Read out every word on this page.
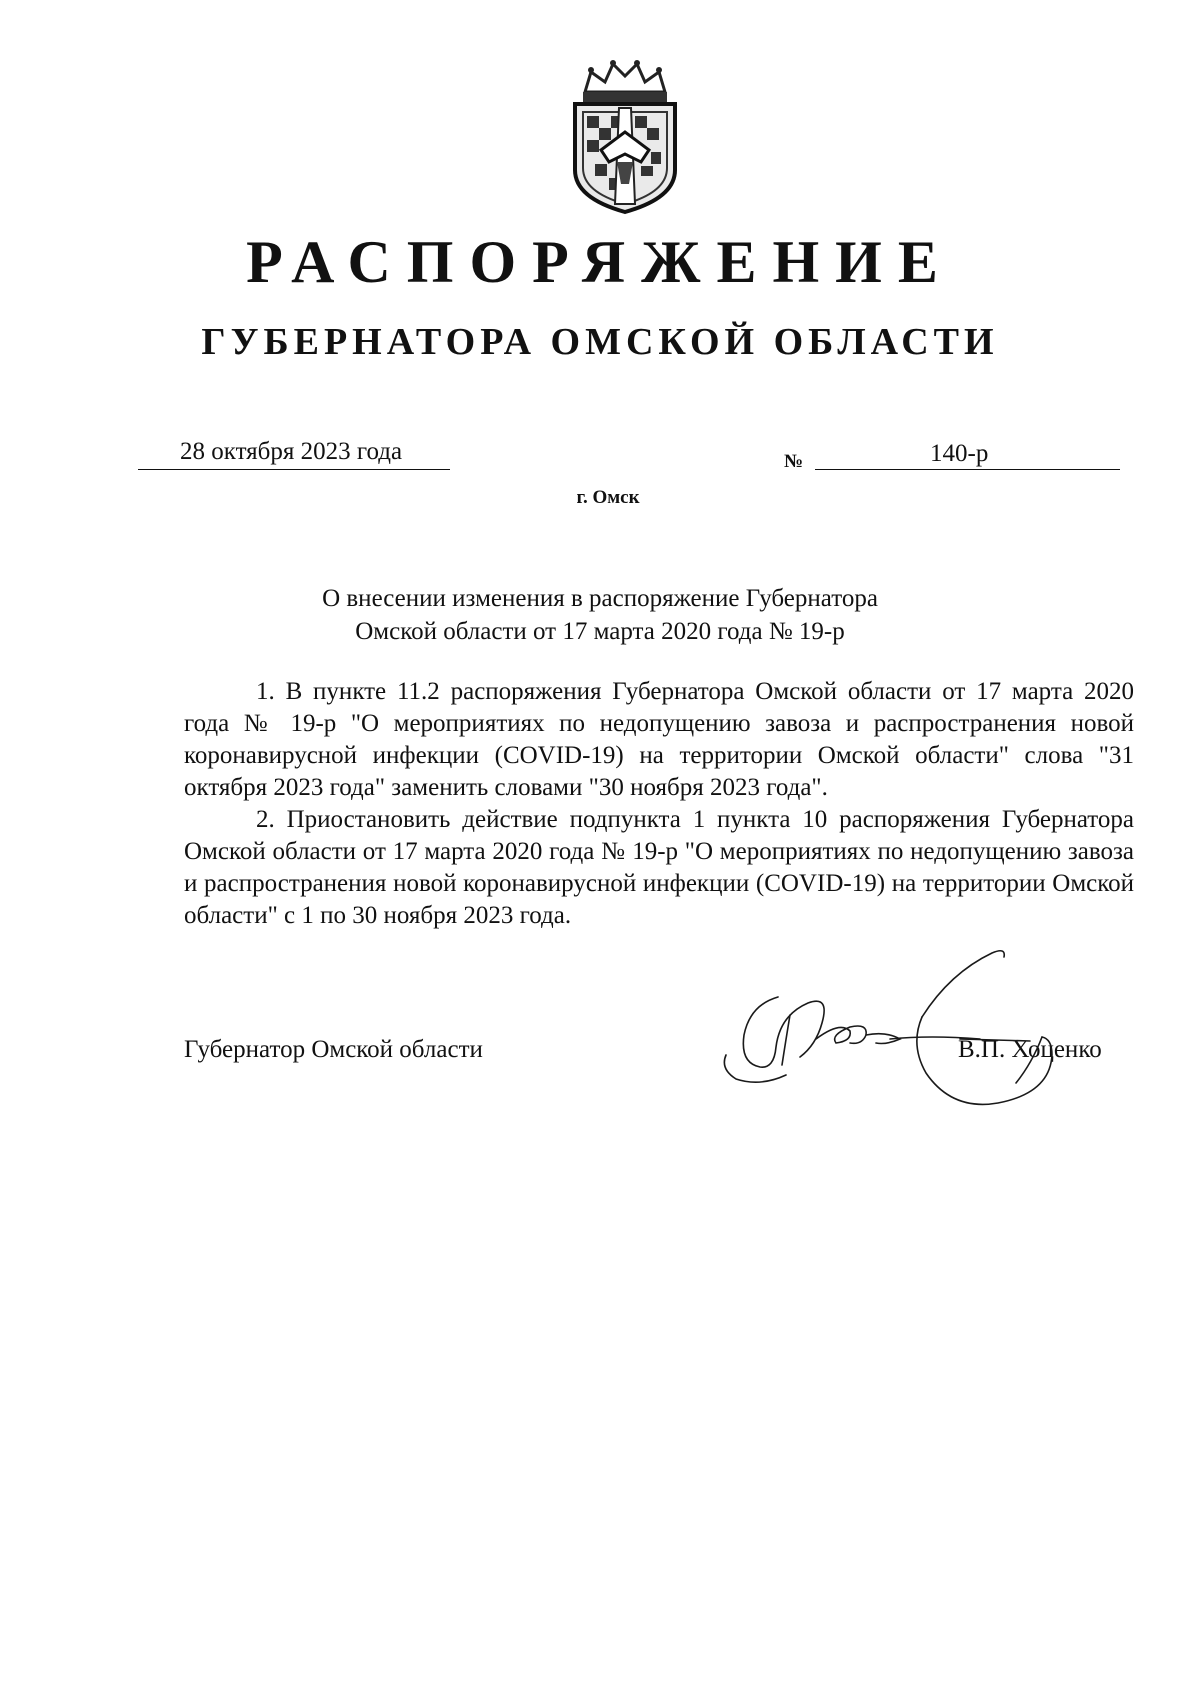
РАСПОРЯЖЕНИЕ
ГУБЕРНАТОРА ОМСКОЙ ОБЛАСТИ
28 октября 2023 года	№	140-р
г. Омск
О внесении изменения в распоряжение Губернатора
Омской области от 17 марта 2020 года № 19-р

1. В пункте 11.2 распоряжения Губернатора Омской области от 17 марта 2020 года № 19-р "О мероприятиях по недопущению завоза и распространения новой коронавирусной инфекции (COVID-19) на территории Омской области" слова "31 октября 2023 года" заменить словами "30 ноября 2023 года".

2. Приостановить действие подпункта 1 пункта 10 распоряжения Губернатора Омской области от 17 марта 2020 года № 19-р "О мероприятиях по недопущению завоза и распространения новой коронавирусной инфекции (COVID-19) на территории Омской области" с 1 по 30 ноября 2023 года.

Губернатор Омской области	В.П. Хоценко
